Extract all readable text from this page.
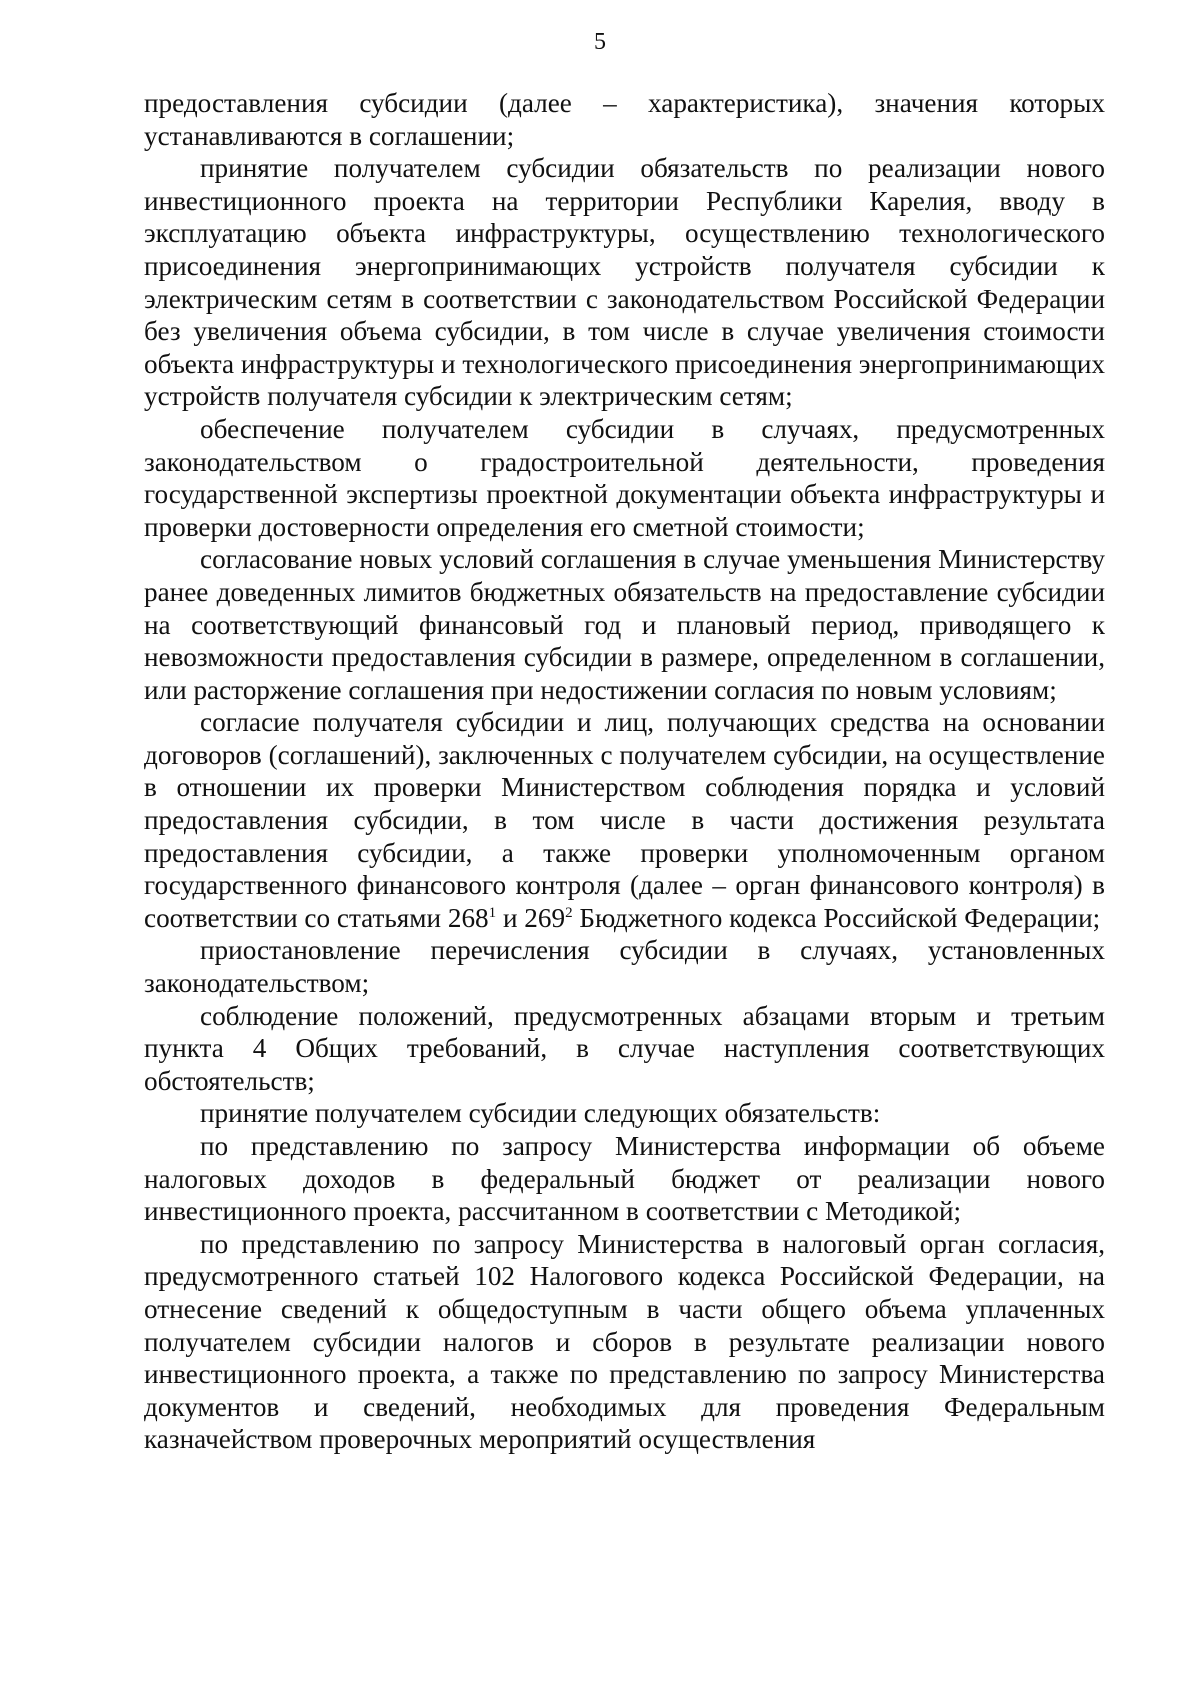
5

предоставления субсидии (далее – характеристика), значения которых устанавливаются в соглашении;

принятие получателем субсидии обязательств по реализации нового инвестиционного проекта на территории Республики Карелия, вводу в эксплуатацию объекта инфраструктуры, осуществлению технологического присоединения энергопринимающих устройств получателя субсидии к электрическим сетям в соответствии с законодательством Российской Федерации без увеличения объема субсидии, в том числе в случае увеличения стоимости объекта инфраструктуры и технологического присоединения энергопринимающих устройств получателя субсидии к электрическим сетям;

обеспечение получателем субсидии в случаях, предусмотренных законодательством о градостроительной деятельности, проведения государственной экспертизы проектной документации объекта инфраструктуры и проверки достоверности определения его сметной стоимости;

согласование новых условий соглашения в случае уменьшения Министерству ранее доведенных лимитов бюджетных обязательств на предоставление субсидии на соответствующий финансовый год и плановый период, приводящего к невозможности предоставления субсидии в размере, определенном в соглашении, или расторжение соглашения при недостижении согласия по новым условиям;

согласие получателя субсидии и лиц, получающих средства на основании договоров (соглашений), заключенных с получателем субсидии, на осуществление в отношении их проверки Министерством соблюдения порядка и условий предоставления субсидии, в том числе в части достижения результата предоставления субсидии, а также проверки уполномоченным органом государственного финансового контроля (далее – орган финансового контроля) в соответствии со статьями $268^1$ и $269^2$ Бюджетного кодекса Российской Федерации;

приостановление перечисления субсидии в случаях, установленных законодательством;

соблюдение положений, предусмотренных абзацами вторым и третьим пункта 4 Общих требований, в случае наступления соответствующих обстоятельств;

принятие получателем субсидии следующих обязательств:

по представлению по запросу Министерства информации об объеме налоговых доходов в федеральный бюджет от реализации нового инвестиционного проекта, рассчитанном в соответствии с Методикой;

по представлению по запросу Министерства в налоговый орган согласия, предусмотренного статьей 102 Налогового кодекса Российской Федерации, на отнесение сведений к общедоступным в части общего объема уплаченных получателем субсидии налогов и сборов в результате реализации нового инвестиционного проекта, а также по представлению по запросу Министерства документов и сведений, необходимых для проведения Федеральным казначейством проверочных мероприятий осуществления
